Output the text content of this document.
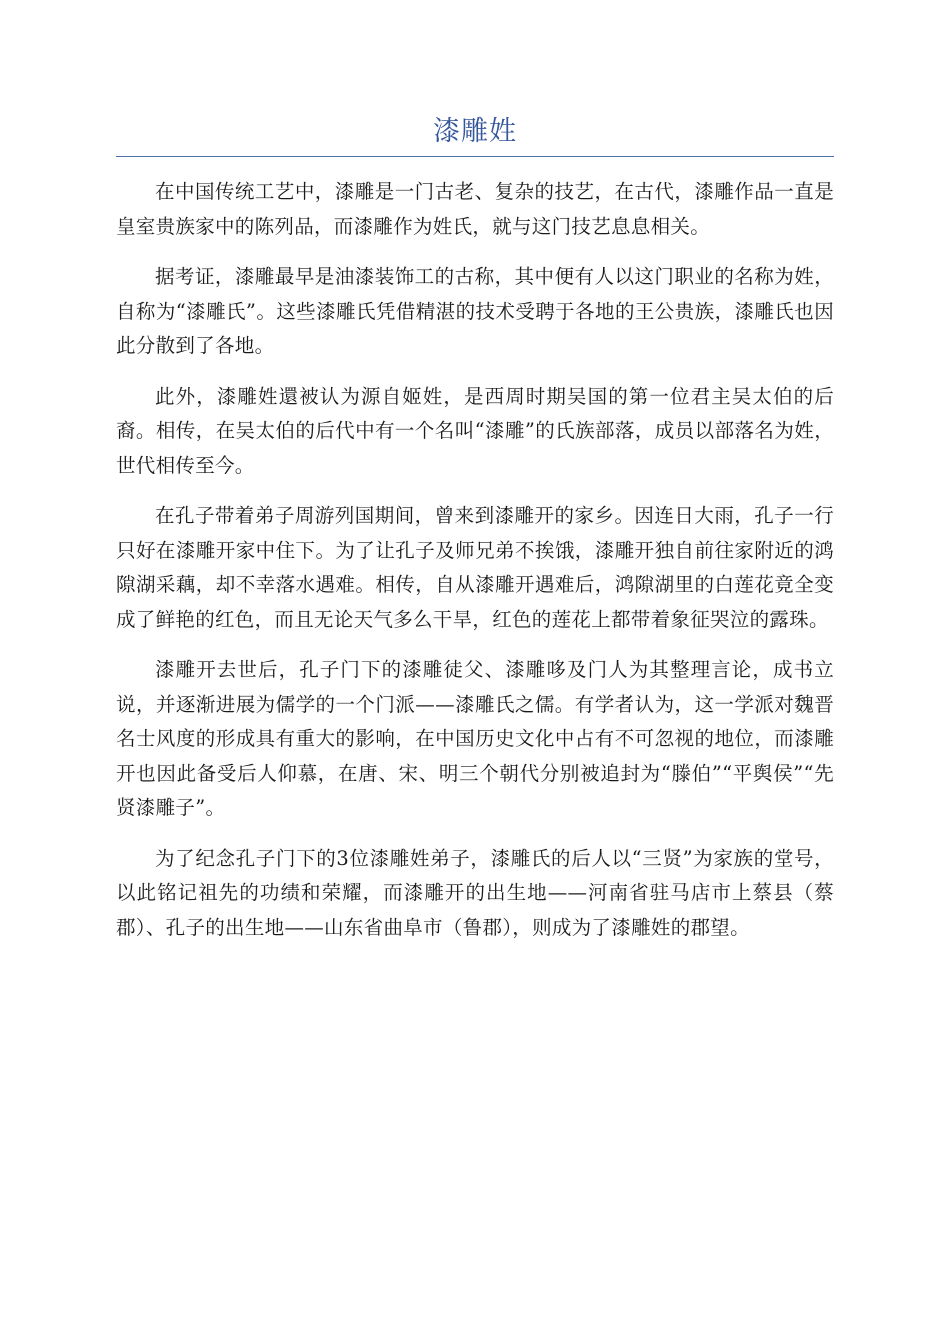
漆雕姓

在中国传统工艺中，漆雕是一门古老、复杂的技艺，在古代，漆雕作品一直是皇室贵族家中的陈列品，而漆雕作为姓氏，就与这门技艺息息相关。

据考证，漆雕最早是油漆装饰工的古称，其中便有人以这门职业的名称为姓，自称为“漆雕氏”。这些漆雕氏凭借精湛的技术受聘于各地的王公贵族，漆雕氏也因此分散到了各地。

此外，漆雕姓還被认为源自姬姓，是西周时期吴国的第一位君主吴太伯的后裔。相传，在吴太伯的后代中有一个名叫“漆雕”的氏族部落，成员以部落名为姓，世代相传至今。

在孔子带着弟子周游列国期间，曾来到漆雕开的家乡。因连日大雨，孔子一行只好在漆雕开家中住下。为了让孔子及师兄弟不挨饿，漆雕开独自前往家附近的鸿隙湖采藕，却不幸落水遇难。相传，自从漆雕开遇难后，鸿隙湖里的白莲花竟全变成了鲜艳的红色，而且无论天气多么干旱，红色的莲花上都带着象征哭泣的露珠。

漆雕开去世后，孔子门下的漆雕徒父、漆雕哆及门人为其整理言论，成书立说，并逐渐进展为儒学的一个门派——漆雕氏之儒。有学者认为，这一学派对魏晋名士风度的形成具有重大的影响，在中国历史文化中占有不可忽视的地位，而漆雕开也因此备受后人仰慕，在唐、宋、明三个朝代分别被追封为“滕伯”“平舆侯”“先贤漆雕子”。

为了纪念孔子门下的3位漆雕姓弟子，漆雕氏的后人以“三贤”为家族的堂号，以此铭记祖先的功绩和荣耀，而漆雕开的出生地——河南省驻马店市上蔡县（蔡郡）、孔子的出生地——山东省曲阜市（鲁郡），则成为了漆雕姓的郡望。
